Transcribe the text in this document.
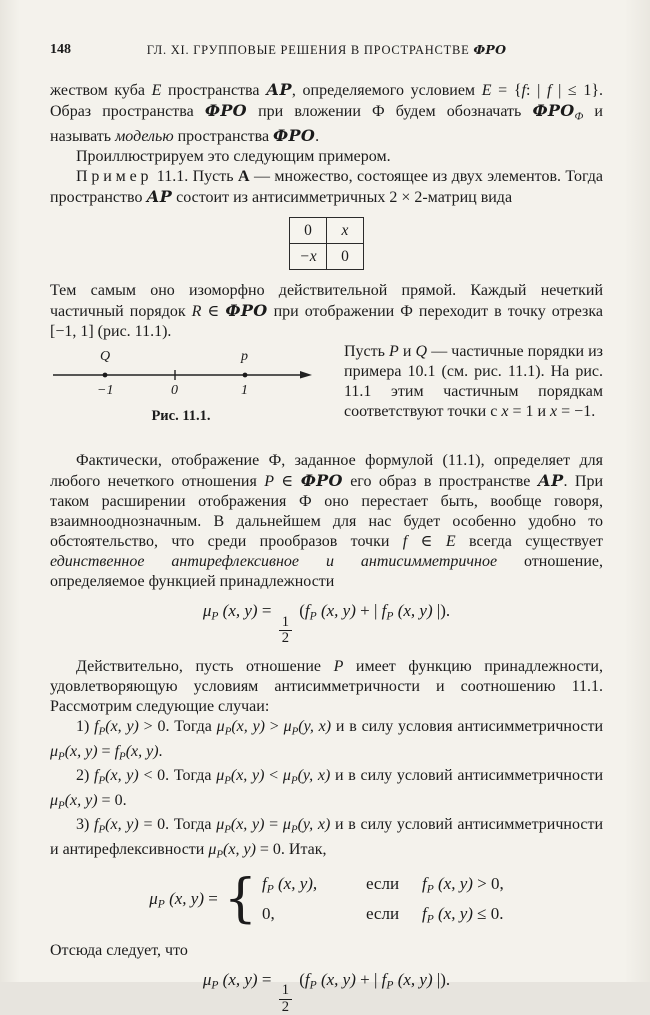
148	ГЛ. XI. ГРУППОВЫЕ РЕШЕНИЯ В ПРОСТРАНСТВЕ ФРО

жеством куба E пространства АР, определяемого условием E = {f: | f | ≤ 1}. Образ пространства ФРО при вложении Ф будем обозначать $ФРО_Ф$ и называть моделью пространства ФРО.

Проиллюстрируем это следующим примером.

Пример 11.1. Пусть A — множество, состоящее из двух элементов. Тогда пространство АР состоит из антисимметричных 2 × 2-матриц вида

0	x
−x	0

Тем самым оно изоморфно действительной прямой. Каждый нечеткий частичный порядок R ∈ ФРО при отображении Ф переходит в точку отрезка [−1, 1] (рис. 11.1).

Q	p
−1	0	1
Рис. 11.1.

Пусть P и Q — частичные порядки из примера 10.1 (см. рис. 11.1). На рис. 11.1 этим частичным порядкам соответствуют точки с x = 1 и x = −1.

Фактически, отображение Ф, заданное формулой (11.1), определяет для любого нечеткого отношения P ∈ ФРО его образ в пространстве АР. При таком расширении отображения Ф оно перестает быть, вообще говоря, взаимнооднозначным. В дальнейшем для нас будет особенно удобно то обстоятельство, что среди прообразов точки f ∈ E всегда существует единственное антирефлексивное и антисимметричное отношение, определяемое функцией принадлежности

$\mu_P$ (x, y) =
$\frac{1}{2}$
($f_P$ (x, y) + | $f_P$ (x, y) |).

Действительно, пусть отношение P имеет функцию принадлежности, удовлетворяющую условиям антисимметричности и соотношению 11.1. Рассмотрим следующие случаи:

1) $f_P(x$, y) > 0. Тогда $\mu_P(x$, $y) > \mu_P(y$, x) и в силу условия антисимметричности $\mu_P(x$, $y) = f_P(x$, y).

2) $f_P(x$, y) < 0. Тогда $\mu_P(x$, $y) < \mu_P(y$, x) и в силу условий антисимметричности $\mu_P(x$, y) = 0.

3) $f_P(x$, y) = 0. Тогда $\mu_P(x$, $y) = \mu_P(y$, x) и в силу условий антисимметричности и антирефлексивности $\mu_P(x$, y) = 0. Итак,

$\mu_P$ (x, y) = { $f_P$ (x, y),	если	$f_P$ (x, y) > 0,
0,	если	$f_P$ (x, y) ≤ 0.

Отсюда следует, что

$\mu_P$ (x, y) =
$\frac{1}{2}$
($f_P$ (x, y) + | $f_P$ (x, y) |).
